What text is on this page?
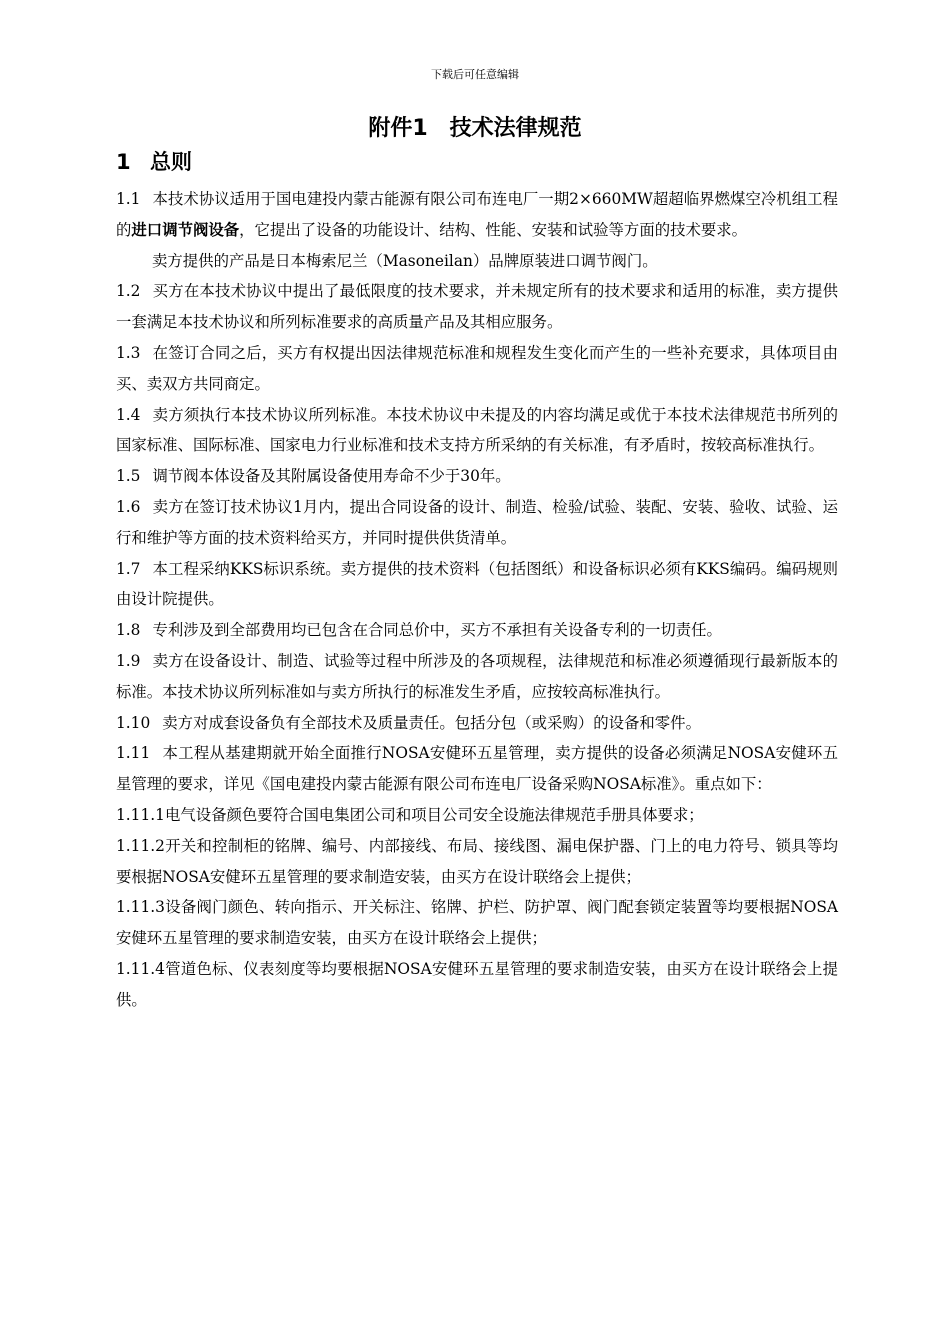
下载后可任意编辑
附件1　技术法律规范
1 总则

1.1 本技术协议适用于国电建投内蒙古能源有限公司布连电厂一期2×660MW超超临界燃煤空冷机组工程的进口调节阀设备，它提出了设备的功能设计、结构、性能、安装和试验等方面的技术要求。

卖方提供的产品是日本梅索尼兰（Masoneilan）品牌原装进口调节阀门。

1.2 买方在本技术协议中提出了最低限度的技术要求，并未规定所有的技术要求和适用的标准，卖方提供一套满足本技术协议和所列标准要求的高质量产品及其相应服务。

1.3 在签订合同之后，买方有权提出因法律规范标准和规程发生变化而产生的一些补充要求，具体项目由买、卖双方共同商定。

1.4 卖方须执行本技术协议所列标准。本技术协议中未提及的内容均满足或优于本技术法律规范书所列的国家标准、国际标准、国家电力行业标准和技术支持方所采纳的有关标准，有矛盾时，按较高标准执行。

1.5 调节阀本体设备及其附属设备使用寿命不少于30年。

1.6 卖方在签订技术协议1月内，提出合同设备的设计、制造、检验/试验、装配、安装、验收、试验、运行和维护等方面的技术资料给买方，并同时提供供货清单。

1.7 本工程采纳KKS标识系统。卖方提供的技术资料（包括图纸）和设备标识必须有KKS编码。编码规则由设计院提供。

1.8 专利涉及到全部费用均已包含在合同总价中，买方不承担有关设备专利的一切责任。

1.9 卖方在设备设计、制造、试验等过程中所涉及的各项规程，法律规范和标准必须遵循现行最新版本的标准。本技术协议所列标准如与卖方所执行的标准发生矛盾，应按较高标准执行。

1.10 卖方对成套设备负有全部技术及质量责任。包括分包（或采购）的设备和零件。

1.11 本工程从基建期就开始全面推行NOSA安健环五星管理，卖方提供的设备必须满足NOSA安健环五星管理的要求，详见《国电建投内蒙古能源有限公司布连电厂设备采购NOSA标准》。重点如下：

1.11.1电气设备颜色要符合国电集团公司和项目公司安全设施法律规范手册具体要求；

1.11.2开关和控制柜的铭牌、编号、内部接线、布局、接线图、漏电保护器、门上的电力符号、锁具等均要根据NOSA安健环五星管理的要求制造安装，由买方在设计联络会上提供；

1.11.3设备阀门颜色、转向指示、开关标注、铭牌、护栏、防护罩、阀门配套锁定装置等均要根据NOSA安健环五星管理的要求制造安装，由买方在设计联络会上提供；

1.11.4管道色标、仪表刻度等均要根据NOSA安健环五星管理的要求制造安装，由买方在设计联络会上提供。
